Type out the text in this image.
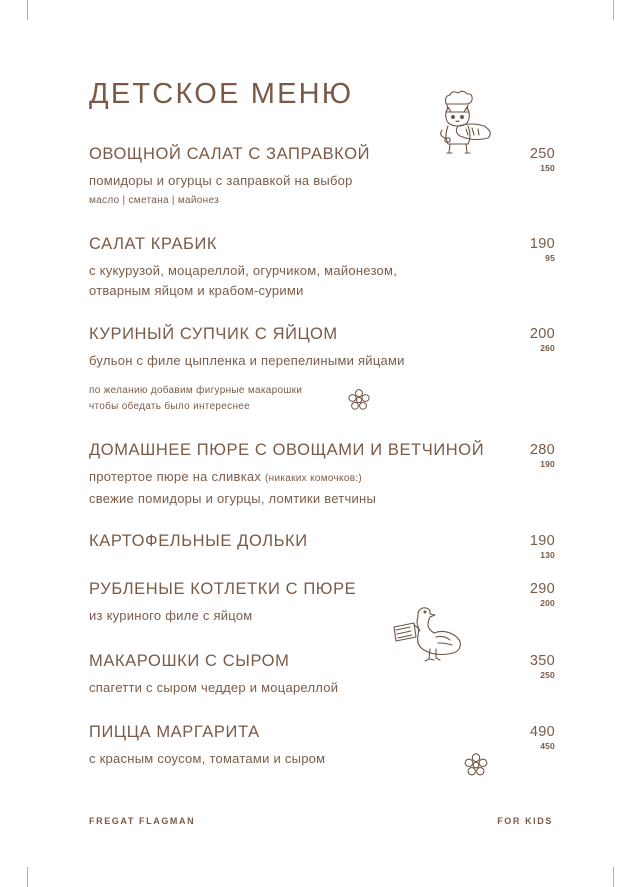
ДЕТСКОЕ МЕНЮ
ОВОЩНОЙ САЛАТ С ЗАПРАВКОЙ
помидоры и огурцы с заправкой на выбор
масло | сметана | майонез
250
150
САЛАТ КРАБИК
с кукурузой, моцареллой, огурчиком, майонезом,
отварным яйцом и крабом-сурими
190
95
КУРИНЫЙ СУПЧИК С ЯЙЦОМ
бульон с филе цыпленка и перепелиными яйцами
по желанию добавим фигурные макарошки
чтобы обедать было интереснее
200
260
ДОМАШНЕЕ ПЮРЕ С ОВОЩАМИ И ВЕТЧИНОЙ
протертое пюре на сливках (никаких комочков:)
свежие помидоры и огурцы, ломтики ветчины
280
190
КАРТОФЕЛЬНЫЕ ДОЛЬКИ	190
130
РУБЛЕНЫЕ КОТЛЕТКИ С ПЮРЕ
из куриного филе с яйцом
290
200
МАКАРОШКИ С СЫРОМ
спагетти с сыром чеддер и моцареллой
350
250
ПИЦЦА МАРГАРИТА
с красным соусом, томатами и сыром
490
450
FREGAT FLAGMAN	FOR KIDS
